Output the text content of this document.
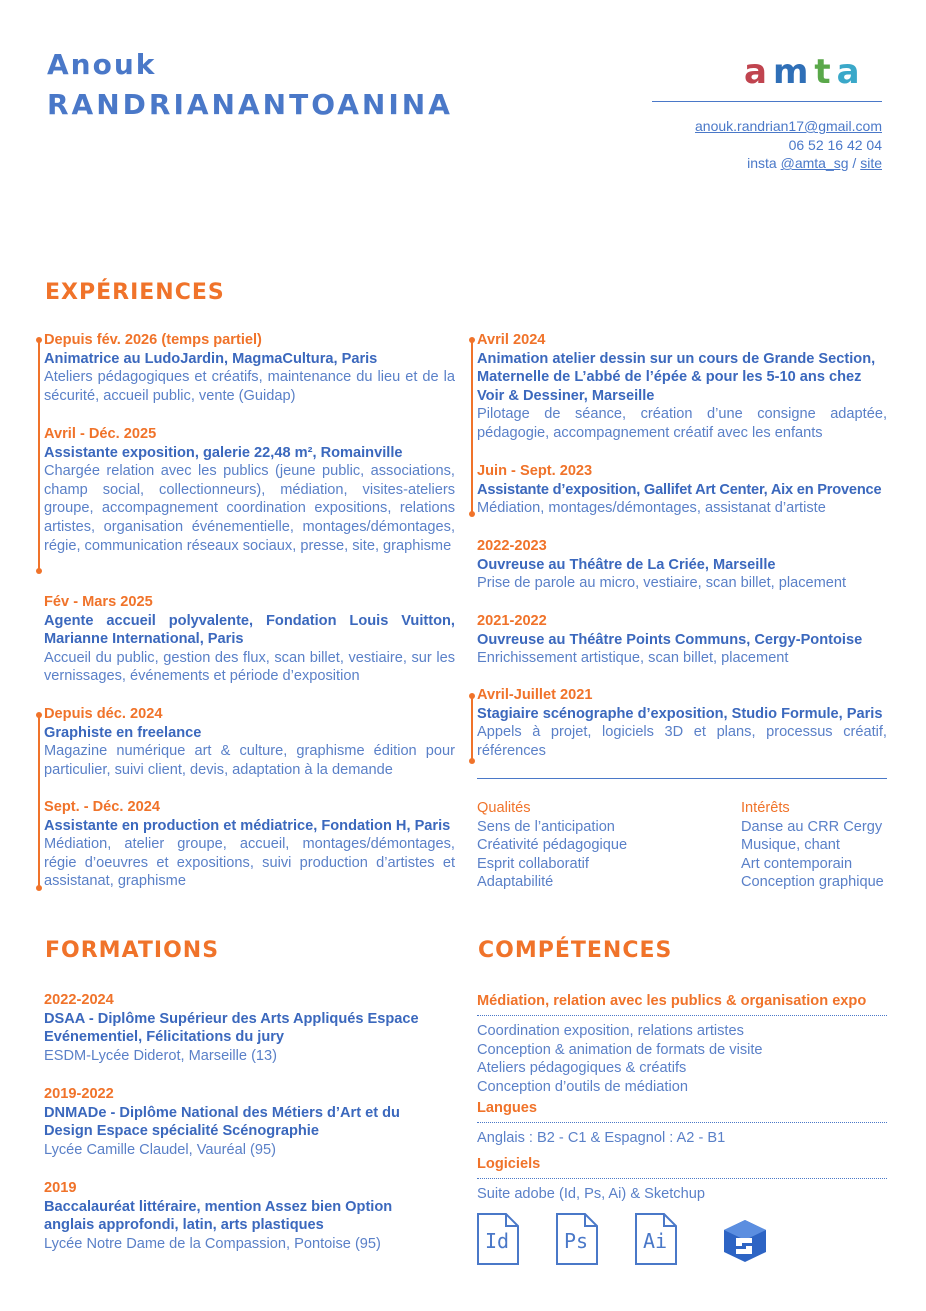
Anouk
RANDRIANANTOANINA
amta
anouk.randrian17@gmail.com
06 52 16 42 04
insta @amta_sg / site
EXPÉRIENCES
Depuis fév. 2026 (temps partiel)
Animatrice au LudoJardin, MagmaCultura, Paris
Ateliers pédagogiques et créatifs, maintenance du lieu et de la sécurité, accueil public, vente (Guidap)
Avril - Déc. 2025
Assistante exposition, galerie 22,48 m², Romainville
Chargée relation avec les publics (jeune public, associations, champ social, collectionneurs), médiation, visites-ateliers groupe, accompagnement coordination expositions, relations artistes, organisation événementielle, montages/démontages, régie, communication réseaux sociaux, presse, site, graphisme
Fév - Mars 2025
Agente accueil polyvalente, Fondation Louis Vuitton, Marianne International, Paris
Accueil du public, gestion des flux, scan billet, vestiaire, sur les vernissages, événements et période d’exposition
Depuis déc. 2024
Graphiste en freelance
Magazine numérique art & culture, graphisme édition pour particulier, suivi client, devis, adaptation à la demande
Sept. - Déc. 2024
Assistante en production et médiatrice, Fondation H, Paris
Médiation, atelier groupe, accueil, montages/démontages, régie d’oeuvres et expositions, suivi production d’artistes et assistanat, graphisme
Avril 2024
Animation atelier dessin sur un cours de Grande Section, Maternelle de L’abbé de l’épée & pour les 5-10 ans chez Voir & Dessiner, Marseille
Pilotage de séance, création d’une consigne adaptée, pédagogie, accompagnement créatif avec les enfants
Juin - Sept. 2023
Assistante d’exposition, Gallifet Art Center, Aix en Provence
Médiation, montages/démontages, assistanat d’artiste
2022-2023
Ouvreuse au Théâtre de La Criée, Marseille
Prise de parole au micro, vestiaire, scan billet, placement
2021-2022
Ouvreuse au Théâtre Points Communs, Cergy-Pontoise
Enrichissement artistique, scan billet, placement
Avril-Juillet 2021
Stagiaire scénographe d’exposition, Studio Formule, Paris
Appels à projet, logiciels 3D et plans, processus créatif, références
Qualités
Sens de l’anticipation
Créativité pédagogique
Esprit collaboratif
Adaptabilité
Intérêts
Danse au CRR Cergy
Musique, chant
Art contemporain
Conception graphique
FORMATIONS
2022-2024
DSAA - Diplôme Supérieur des Arts Appliqués Espace Evénementiel, Félicitations du jury
ESDM-Lycée Diderot, Marseille (13)
2019-2022
DNMADe - Diplôme National des Métiers d’Art et du Design Espace spécialité Scénographie
Lycée Camille Claudel, Vauréal (95)
2019
Baccalauréat littéraire, mention Assez bien Option anglais approfondi, latin, arts plastiques
Lycée Notre Dame de la Compassion, Pontoise (95)
COMPÉTENCES
Médiation, relation avec les publics & organisation expo
Coordination exposition, relations artistes
Conception & animation de formats de visite
Ateliers pédagogiques & créatifs
Conception d’outils de médiation
Langues
Anglais : B2 - C1 & Espagnol : A2 - B1
Logiciels
Suite adobe (Id, Ps, Ai) & Sketchup
Id	Ps	Ai
